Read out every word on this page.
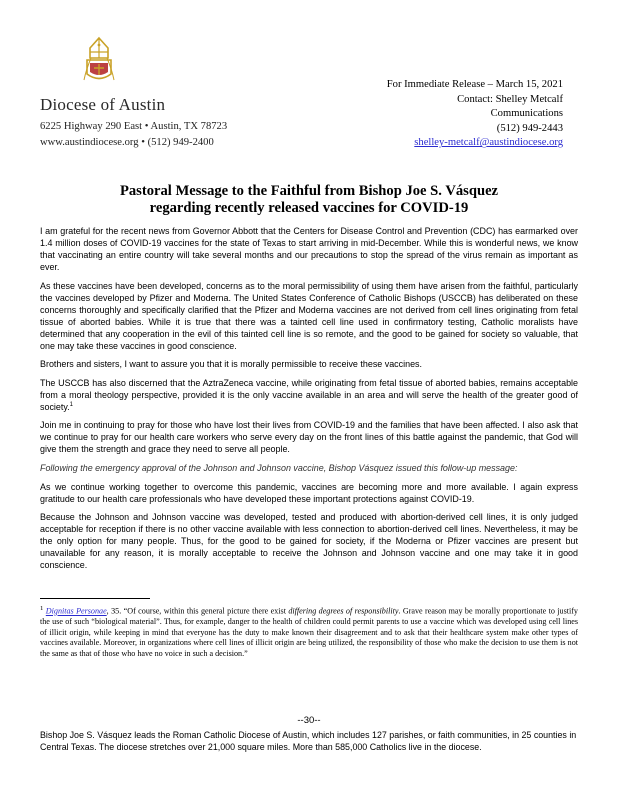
Diocese of Austin
6225 Highway 290 East • Austin, TX 78723
www.austindiocese.org • (512) 949-2400
For Immediate Release – March 15, 2021
Contact: Shelley Metcalf
Communications
(512) 949-2443
shelley-metcalf@austindiocese.org
Pastoral Message to the Faithful from Bishop Joe S. Vásquez
regarding recently released vaccines for COVID-19

I am grateful for the recent news from Governor Abbott that the Centers for Disease Control and Prevention (CDC) has earmarked over 1.4 million doses of COVID-19 vaccines for the state of Texas to start arriving in mid-December. While this is wonderful news, we know that vaccinating an entire country will take several months and our precautions to stop the spread of the virus remain as important as ever.

As these vaccines have been developed, concerns as to the moral permissibility of using them have arisen from the faithful, particularly the vaccines developed by Pfizer and Moderna. The United States Conference of Catholic Bishops (USCCB) has deliberated on these concerns thoroughly and specifically clarified that the Pfizer and Moderna vaccines are not derived from cell lines originating from fetal tissue of aborted babies. While it is true that there was a tainted cell line used in confirmatory testing, Catholic moralists have determined that any cooperation in the evil of this tainted cell line is so remote, and the good to be gained for society so valuable, that one may take these vaccines in good conscience.

Brothers and sisters, I want to assure you that it is morally permissible to receive these vaccines.

The USCCB has also discerned that the AztraZeneca vaccine, while originating from fetal tissue of aborted babies, remains acceptable from a moral theology perspective, provided it is the only vaccine available in an area and will serve the health of the greater good of society.$^1$

Join me in continuing to pray for those who have lost their lives from COVID-19 and the families that have been affected. I also ask that we continue to pray for our health care workers who serve every day on the front lines of this battle against the pandemic, that God will give them the strength and grace they need to serve all people.

Following the emergency approval of the Johnson and Johnson vaccine, Bishop Vásquez issued this follow-up message:

As we continue working together to overcome this pandemic, vaccines are becoming more and more available. I again express gratitude to our health care professionals who have developed these important protections against COVID-19.

Because the Johnson and Johnson vaccine was developed, tested and produced with abortion-derived cell lines, it is only judged acceptable for reception if there is no other vaccine available with less connection to abortion-derived cell lines. Nevertheless, it may be the only option for many people. Thus, for the good to be gained for society, if the Moderna or Pfizer vaccines are present but unavailable for any reason, it is morally acceptable to receive the Johnson and Johnson vaccine and one may take it in good conscience.

$^1$ Dignitas Personae, 35. “Of course, within this general picture there exist differing degrees of responsibility. Grave reason may be morally proportionate to justify the use of such “biological material”. Thus, for example, danger to the health of children could permit parents to use a vaccine which was developed using cell lines of illicit origin, while keeping in mind that everyone has the duty to make known their disagreement and to ask that their healthcare system make other types of vaccines available. Moreover, in organizations where cell lines of illicit origin are being utilized, the responsibility of those who make the decision to use them is not the same as that of those who have no voice in such a decision.”
--30--
Bishop Joe S. Vásquez leads the Roman Catholic Diocese of Austin, which includes 127 parishes, or faith communities, in 25 counties in Central Texas. The diocese stretches over 21,000 square miles. More than 585,000 Catholics live in the diocese.
